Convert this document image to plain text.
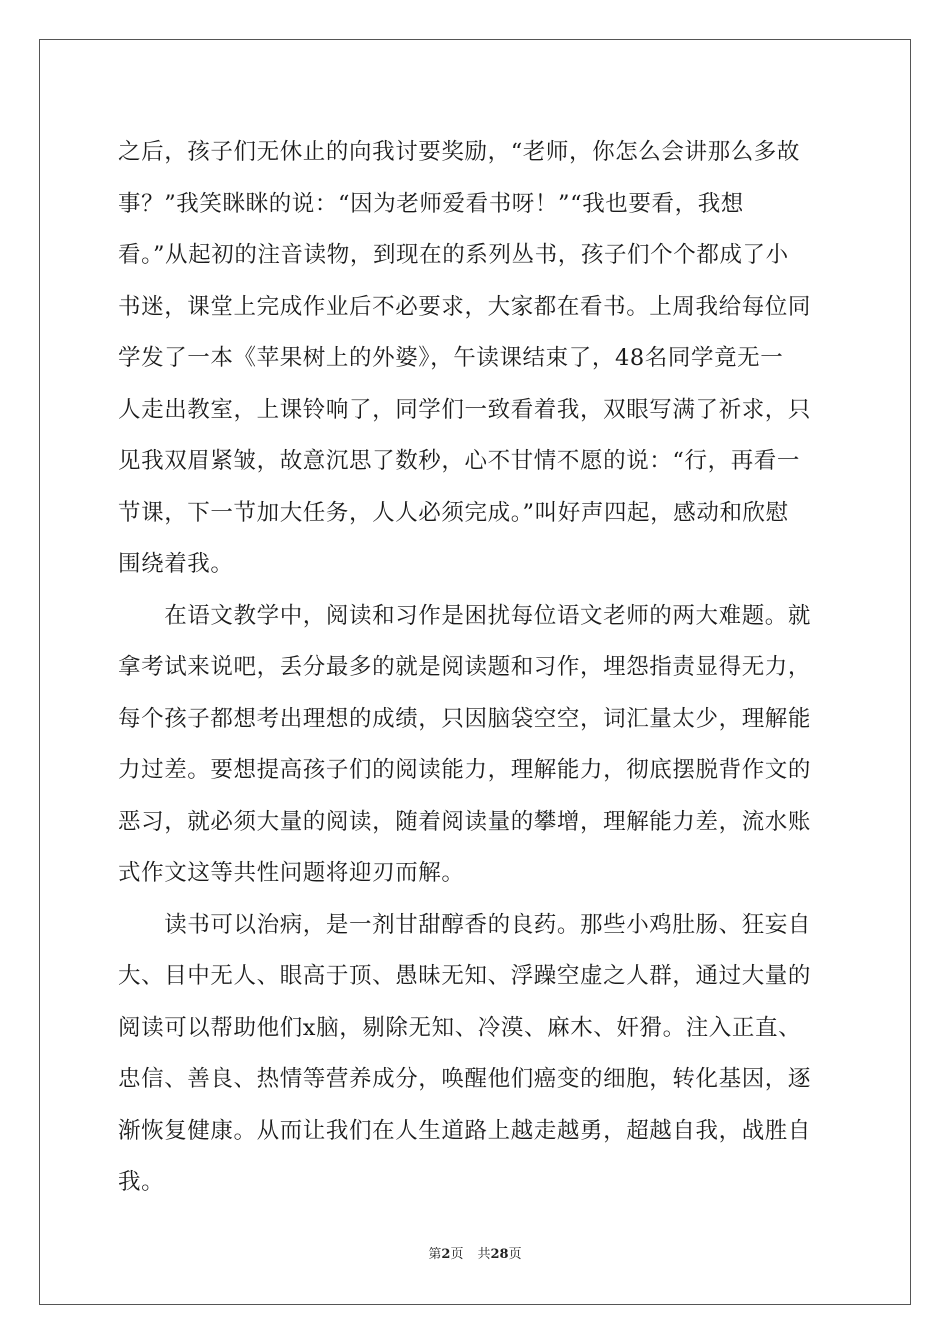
之后，孩子们无休止的向我讨要奖励，“老师，你怎么会讲那么多故
事？”我笑眯眯的说：“因为老师爱看书呀！”“我也要看，我想
看。”从起初的注音读物，到现在的系列丛书，孩子们个个都成了小
书迷，课堂上完成作业后不必要求，大家都在看书。上周我给每位同
学发了一本《苹果树上的外婆》，午读课结束了，48名同学竟无一
人走出教室，上课铃响了，同学们一致看着我，双眼写满了祈求，只
见我双眉紧皱，故意沉思了数秒，心不甘情不愿的说：“行，再看一
节课，下一节加大任务，人人必须完成。”叫好声四起，感动和欣慰
围绕着我。
　　在语文教学中，阅读和习作是困扰每位语文老师的两大难题。就
拿考试来说吧，丢分最多的就是阅读题和习作，埋怨指责显得无力，
每个孩子都想考出理想的成绩，只因脑袋空空，词汇量太少，理解能
力过差。要想提高孩子们的阅读能力，理解能力，彻底摆脱背作文的
恶习，就必须大量的阅读，随着阅读量的攀增，理解能力差，流水账
式作文这等共性问题将迎刃而解。
　　读书可以治病，是一剂甘甜醇香的良药。那些小鸡肚肠、狂妄自
大、目中无人、眼高于顶、愚昧无知、浮躁空虚之人群，通过大量的
阅读可以帮助他们x脑，剔除无知、冷漠、麻木、奸猾。注入正直、
忠信、善良、热情等营养成分，唤醒他们癌变的细胞，转化基因，逐
渐恢复健康。从而让我们在人生道路上越走越勇，超越自我，战胜自
我。
第2页 共28页
